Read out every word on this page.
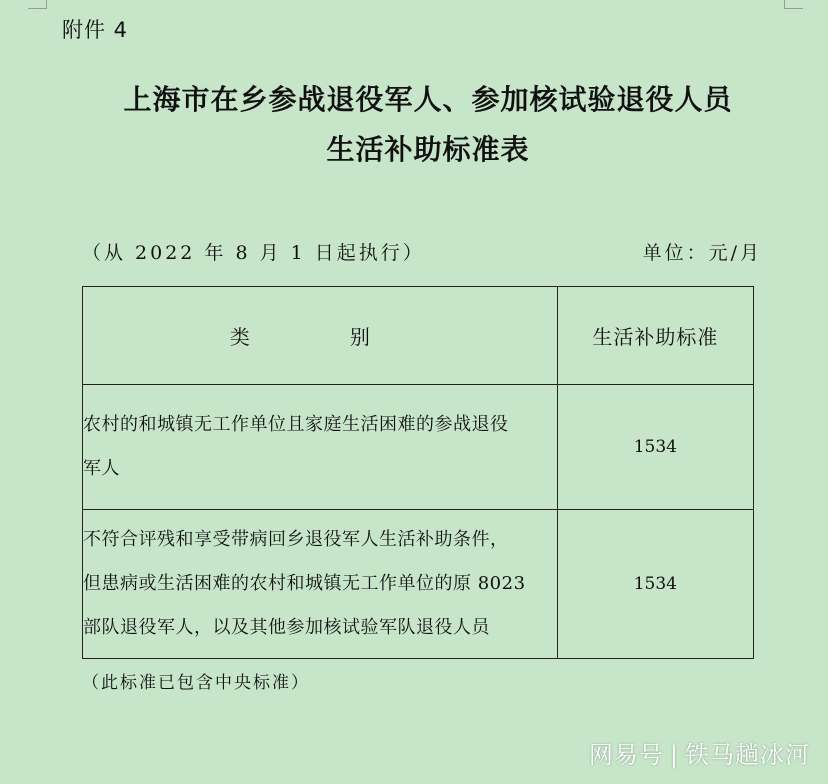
附件 4
上海市在乡参战退役军人、参加核试验退役人员
生活补助标准表
（从 2022 年 8 月 1 日起执行）	单位：元/月
类　别	生活补助标准

农村的和城镇无工作单位且家庭生活困难的参战退役
军人	1534

不符合评残和享受带病回乡退役军人生活补助条件，
但患病或生活困难的农村和城镇无工作单位的原 8023
部队退役军人，以及其他参加核试验军队退役人员	1534
（此标准已包含中央标准）
网易号 | 铁马趟冰河
